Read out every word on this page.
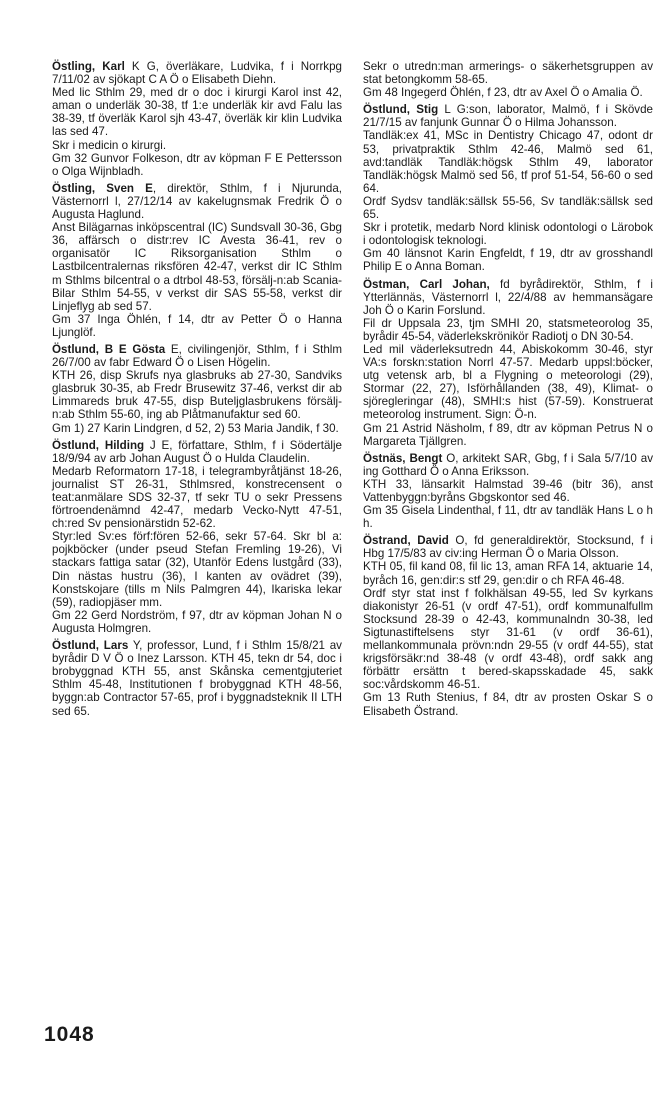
Östling, Karl K G, överläkare, Ludvika, f i Norrkpg 7/11/02 av sjökapt C A Ö o Elisabeth Diehn.

Med lic Sthlm 29, med dr o doc i kirurgi Karol inst 42, aman o underläk 30-38, tf 1:e underläk kir avd Falu las 38-39, tf överläk Karol sjh 43-47, överläk kir klin Ludvika las sed 47.

Skr i medicin o kirurgi.

Gm 32 Gunvor Folkeson, dtr av köpman F E Pettersson o Olga Wijnbladh.

Östling, Sven E, direktör, Sthlm, f i Njurunda, Västernorrl l, 27/12/14 av kakelugnsmak Fredrik Ö o Augusta Haglund.

Anst Bilägarnas inköpscentral (IC) Sundsvall 30-36, Gbg 36, affärsch o distr:rev IC Avesta 36-41, rev o organisatör IC Riksorganisation Sthlm o Lastbilcentralernas riksfören 42-47, verkst dir IC Sthlm m Sthlms bilcentral o a dtrbol 48-53, försälj-n:ab Scania-Bilar Sthlm 54-55, v verkst dir SAS 55-58, verkst dir Linjeflyg ab sed 57.

Gm 37 Inga Öhlén, f 14, dtr av Petter Ö o Hanna Ljunglöf.

Östlund, B E Gösta E, civilingenjör, Sthlm, f i Sthlm 26/7/00 av fabr Edward Ö o Lisen Högelin.

KTH 26, disp Skrufs nya glasbruks ab 27-30, Sandviks glasbruk 30-35, ab Fredr Brusewitz 37-46, verkst dir ab Limmareds bruk 47-55, disp Buteljglasbrukens försälj-n:ab Sthlm 55-60, ing ab Plåtmanufaktur sed 60.

Gm 1) 27 Karin Lindgren, d 52, 2) 53 Maria Jandik, f 30.

Östlund, Hilding J E, författare, Sthlm, f i Södertälje 18/9/94 av arb Johan August Ö o Hulda Claudelin.

Medarb Reformatorn 17-18, i telegrambyråtjänst 18-26, journalist ST 26-31, Sthlmsred, konstrecensent o teat:anmälare SDS 32-37, tf sekr TU o sekr Pressens förtroendenämnd 42-47, medarb Vecko-Nytt 47-51, ch:red Sv pensionärstidn 52-62.

Styr:led Sv:es förf:fören 52-66, sekr 57-64. Skr bl a: pojkböcker (under pseud Stefan Fremling 19-26), Vi stackars fattiga satar (32), Utanför Edens lustgård (33), Din nästas hustru (36), I kanten av ovädret (39), Konstskojare (tills m Nils Palmgren 44), Ikariska lekar (59), radiopjäser mm.

Gm 22 Gerd Nordström, f 97, dtr av köpman Johan N o Augusta Holmgren.

Östlund, Lars Y, professor, Lund, f i Sthlm 15/8/21 av byrådir D V Ö o Inez Larsson. KTH 45, tekn dr 54, doc i brobyggnad KTH 55, anst Skånska cementgjuteriet Sthlm 45-48, Institutionen f brobyggnad KTH 48-56, byggn:ab Contractor 57-65, prof i byggnadsteknik II LTH sed 65.

Sekr o utredn:man armerings- o säkerhetsgruppen av stat betongkomm 58-65.

Gm 48 Ingegerd Öhlén, f 23, dtr av Axel Ö o Amalia Ö.

Östlund, Stig L G:son, laborator, Malmö, f i Skövde 21/7/15 av fanjunk Gunnar Ö o Hilma Johansson.

Tandläk:ex 41, MSc in Dentistry Chicago 47, odont dr 53, privatpraktik Sthlm 42-46, Malmö sed 61, avd:tandläk Tandläk:högsk Sthlm 49, laborator Tandläk:högsk Malmö sed 56, tf prof 51-54, 56-60 o sed 64.

Ordf Sydsv tandläk:sällsk 55-56, Sv tandläk:sällsk sed 65.

Skr i protetik, medarb Nord klinisk odontologi o Lärobok i odontologisk teknologi.

Gm 40 länsnot Karin Engfeldt, f 19, dtr av grosshandl Philip E o Anna Boman.

Östman, Carl Johan, fd byrådirektör, Sthlm, f i Ytterlännäs, Västernorrl l, 22/4/88 av hemmansägare Joh Ö o Karin Forslund.

Fil dr Uppsala 23, tjm SMHI 20, statsmeteorolog 35, byrådir 45-54, väderlekskrönikör Radiotj o DN 30-54.

Led mil väderleksutredn 44, Abiskokomm 30-46, styr VA:s forskn:station Norrl 47-57. Medarb uppsl:böcker, utg vetensk arb, bl a Flygning o meteorologi (29), Stormar (22, 27), Isförhållanden (38, 49), Klimat- o sjöregleringar (48), SMHI:s hist (57-59). Konstruerat meteorolog instrument. Sign: Ö-n.

Gm 21 Astrid Näsholm, f 89, dtr av köpman Petrus N o Margareta Tjällgren.

Östnäs, Bengt O, arkitekt SAR, Gbg, f i Sala 5/7/10 av ing Gotthard Ö o Anna Eriksson.

KTH 33, länsarkit Halmstad 39-46 (bitr 36), anst Vattenbyggn:byråns Gbgskontor sed 46.

Gm 35 Gisela Lindenthal, f 11, dtr av tandläk Hans L o h h.

Östrand, David O, fd generaldirektör, Stocksund, f i Hbg 17/5/83 av civ:ing Herman Ö o Maria Olsson.

KTH 05, fil kand 08, fil lic 13, aman RFA 14, aktuarie 14, byråch 16, gen:dir:s stf 29, gen:dir o ch RFA 46-48.

Ordf styr stat inst f folkhälsan 49-55, led Sv kyrkans diakonistyr 26-51 (v ordf 47-51), ordf kommunalfullm Stocksund 28-39 o 42-43, kommunalndn 30-38, led Sigtunastiftelsens styr 31-61 (v ordf 36-61), mellankommunala prövn:ndn 29-55 (v ordf 44-55), stat krigsförsäkr:nd 38-48 (v ordf 43-48), ordf sakk ang förbättr ersättn t bered-skapsskadade 45, sakk soc:vårdskomm 46-51.

Gm 13 Ruth Stenius, f 84, dtr av prosten Oskar S o Elisabeth Östrand.

1048
